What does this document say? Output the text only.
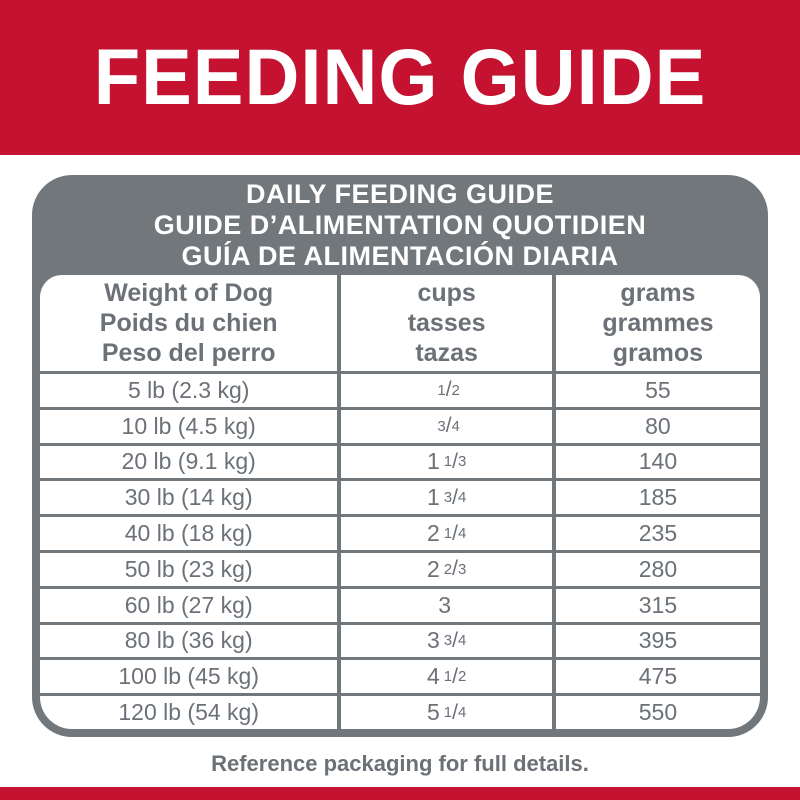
FEEDING GUIDE
DAILY FEEDING GUIDE
GUIDE D’ALIMENTATION QUOTIDIEN
GUÍA DE ALIMENTACIÓN DIARIA
Weight of Dog
Poids du chien
Peso del perro
cups
tasses
tazas
grams
grammes
gramos
5 lb (2.3 kg)	1 / 2	55
10 lb (4.5 kg)	3 / 4	80
20 lb (9.1 kg)	1 1 / 3	140
30 lb (14 kg)	1 3 / 4	185
40 lb (18 kg)	2 1 / 4	235
50 lb (23 kg)	2 2 / 3	280
60 lb (27 kg)	3	315
80 lb (36 kg)	3 3 / 4	395
100 lb (45 kg)	4 1 / 2	475
120 lb (54 kg)	5 1 / 4	550
Reference packaging for full details.
